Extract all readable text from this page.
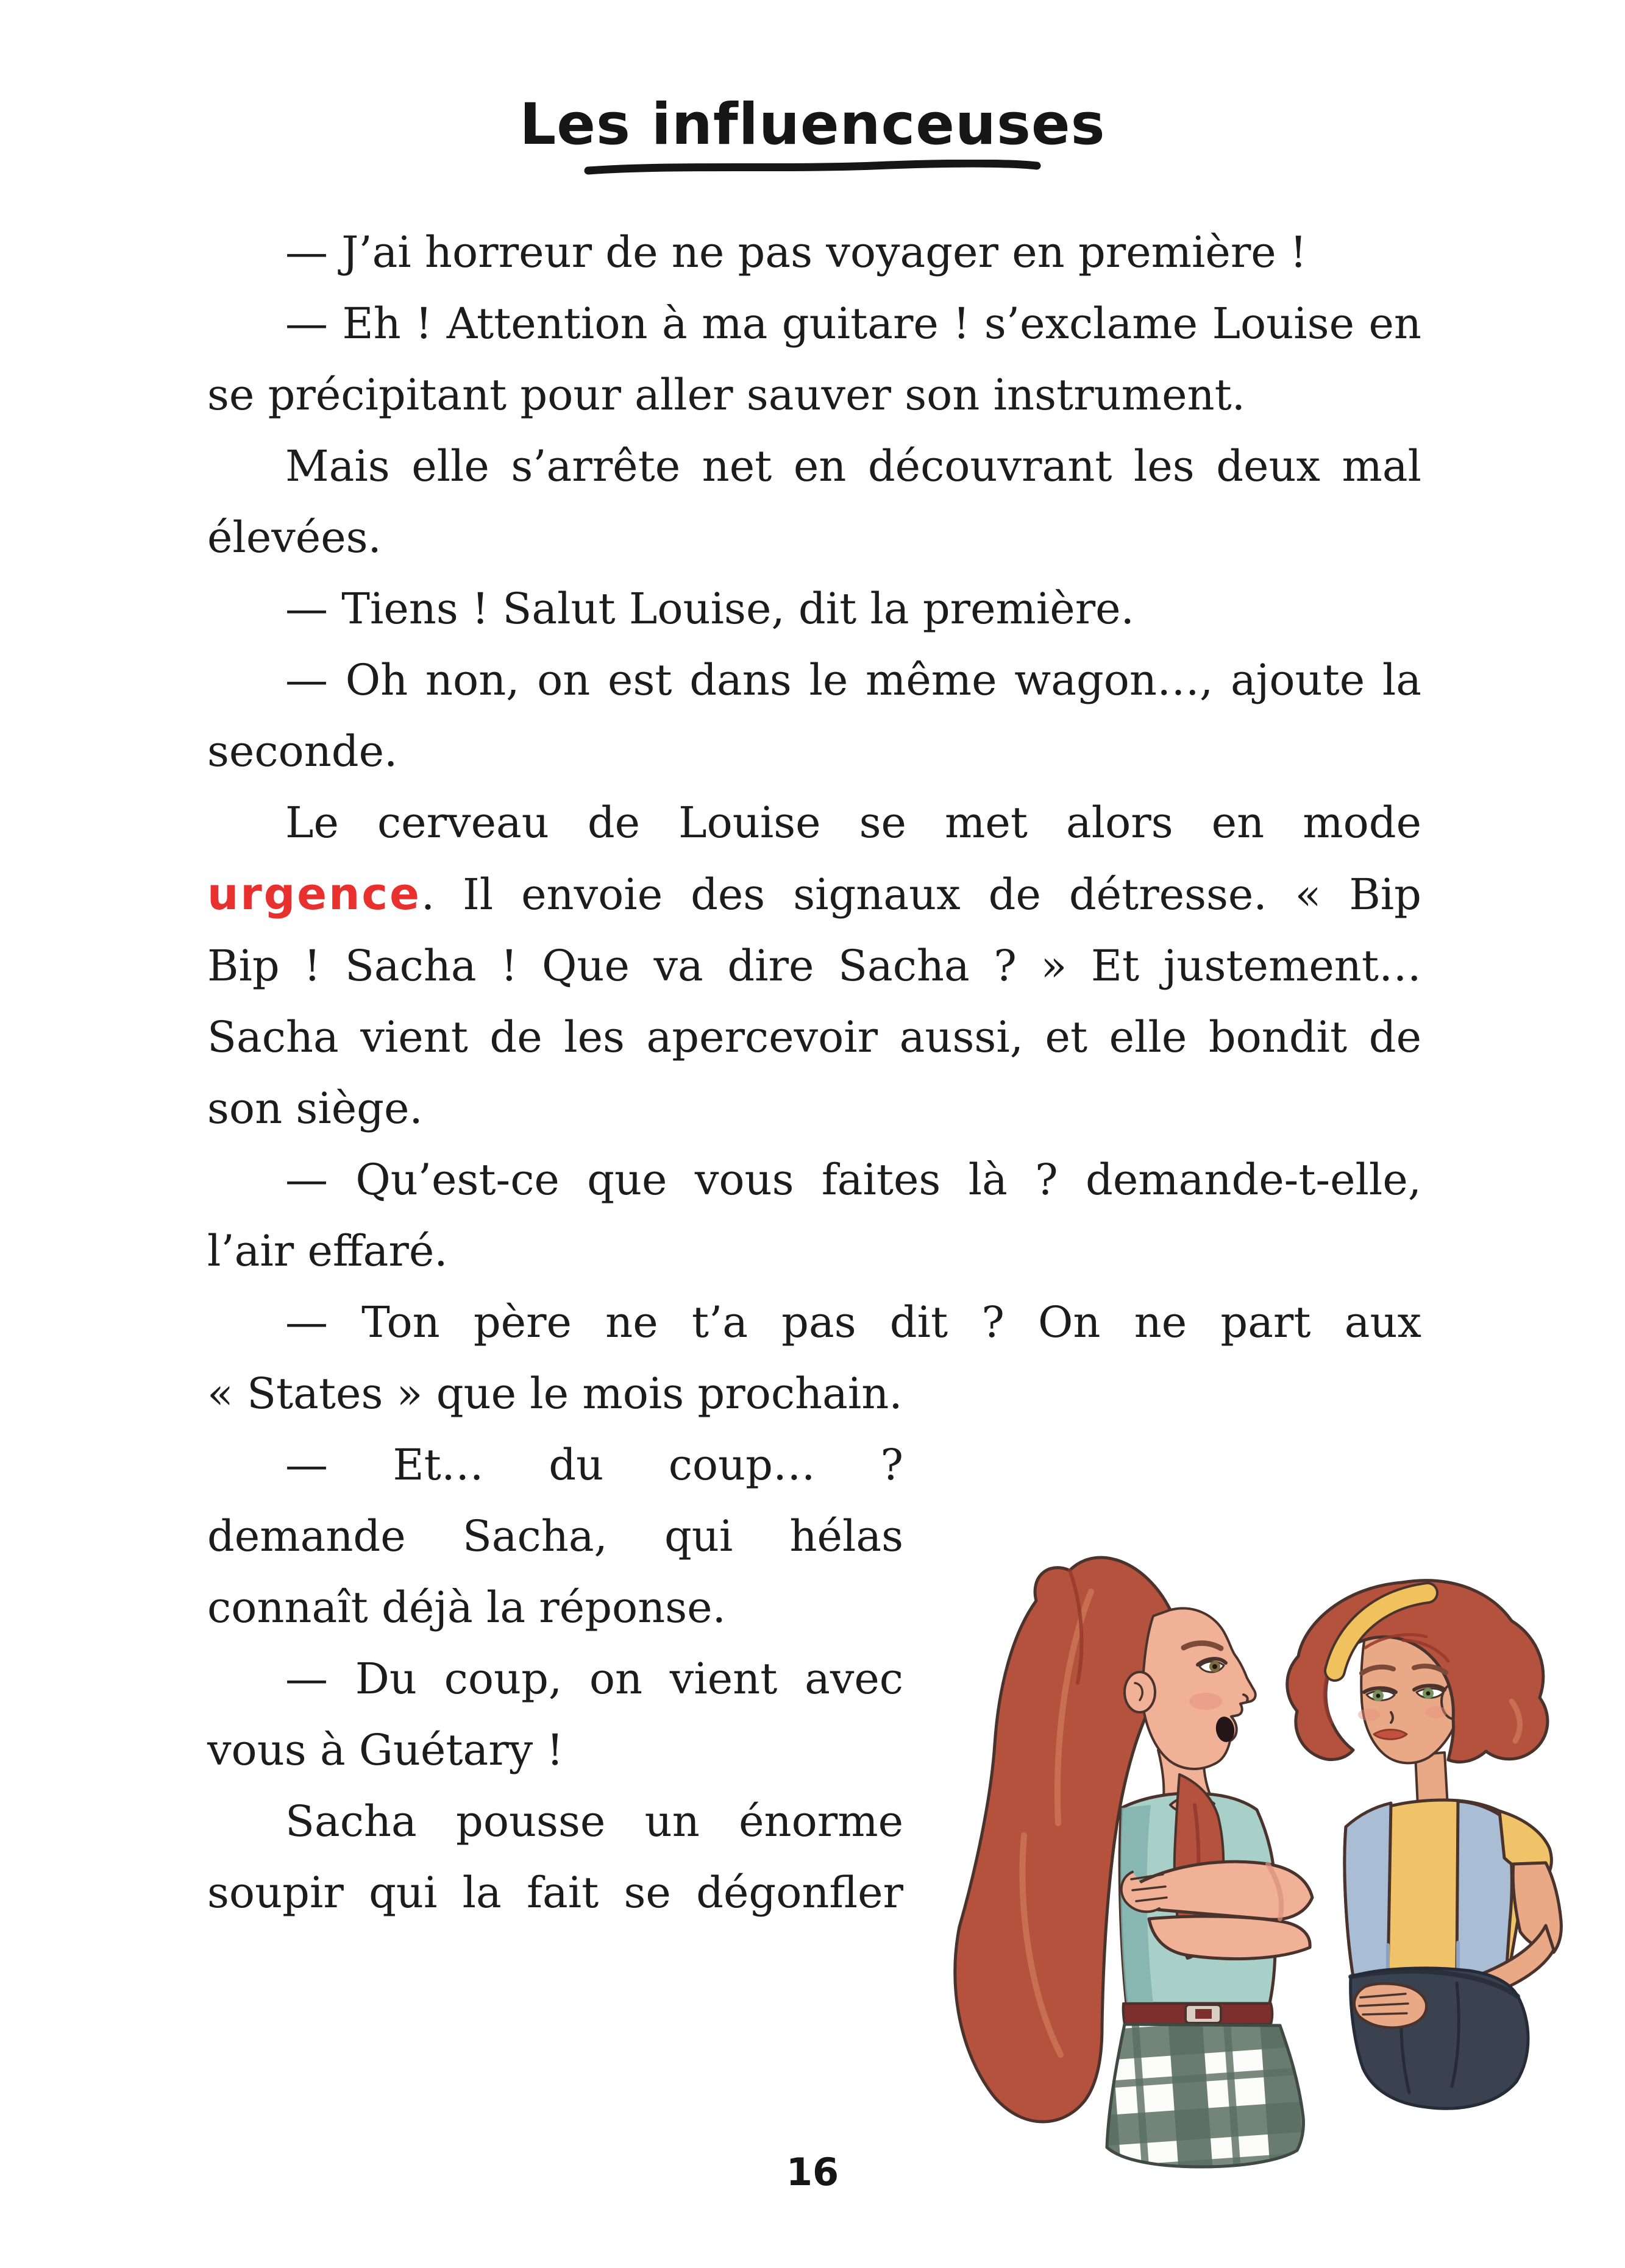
Les influenceuses

— J’ai horreur de ne pas voyager en première !

— Eh ! Attention à ma guitare ! s’exclame Louise en se précipitant pour aller sauver son instrument.

Mais elle s’arrête net en découvrant les deux mal élevées.

— Tiens ! Salut Louise, dit la première.

— Oh non, on est dans le même wagon…, ajoute la seconde.

Le cerveau de Louise se met alors en mode urgence. Il envoie des signaux de détresse. « Bip Bip ! Sacha ! Que va dire Sacha ? » Et justement… Sacha vient de les apercevoir aussi, et elle bondit de son siège.

— Qu’est-ce que vous faites là ? demande-t-elle, l’air effaré.

— Ton père ne t’a pas dit ? On ne part aux « States » que le mois prochain.

— Et… du coup… ? demande Sacha, qui hélas connaît déjà la réponse.

— Du coup, on vient avec vous à Guétary !

Sacha pousse un énorme soupir qui la fait se dégonfler

16
